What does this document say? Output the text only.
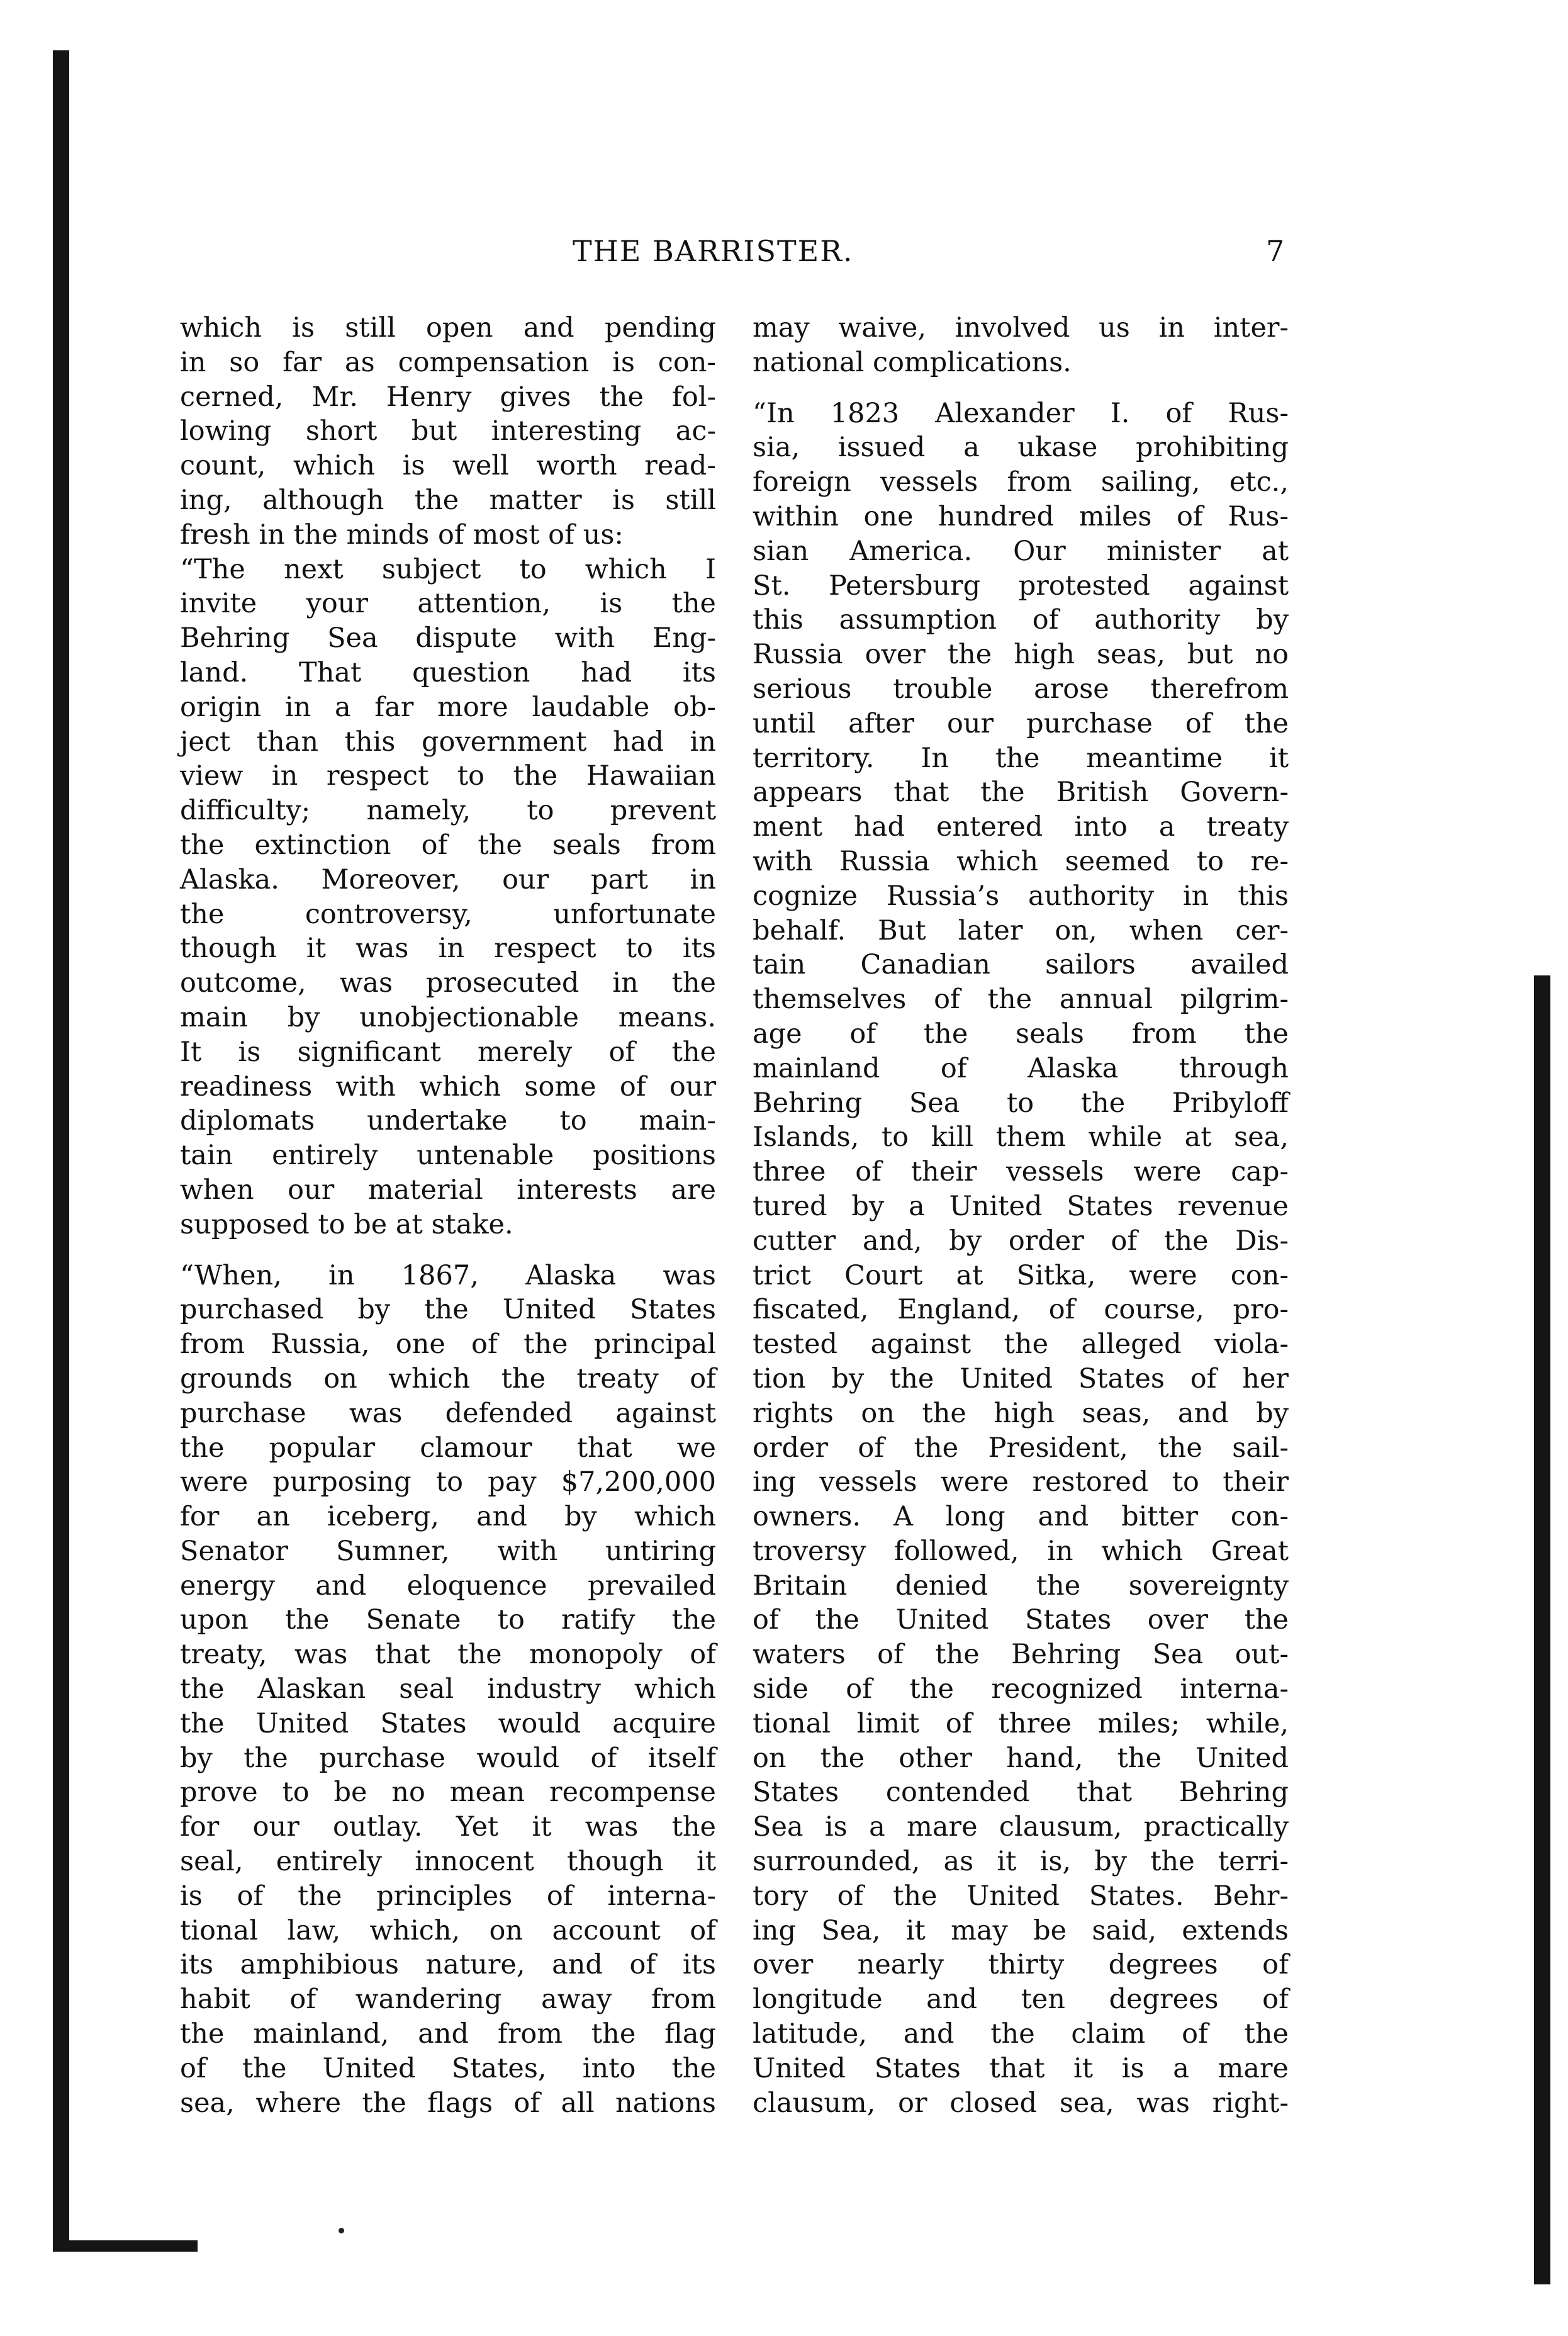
THE BARRISTER.	7
which is still open and pending
in so far as compensation is con-
cerned, Mr. Henry gives the fol-
lowing short but interesting ac-
count, which is well worth read-
ing, although the matter is still
fresh in the minds of most of us:
“The next subject to which I
invite your attention, is the
Behring Sea dispute with Eng-
land. That question had its
origin in a far more laudable ob-
ject than this government had in
view in respect to the Hawaiian
difficulty; namely, to prevent
the extinction of the seals from
Alaska. Moreover, our part in
the controversy, unfortunate
though it was in respect to its
outcome, was prosecuted in the
main by unobjectionable means.
It is significant merely of the
readiness with which some of our
diplomats undertake to main-
tain entirely untenable positions
when our material interests are
supposed to be at stake.
“When, in 1867, Alaska was
purchased by the United States
from Russia, one of the principal
grounds on which the treaty of
purchase was defended against
the popular clamour that we
were purposing to pay $7,200,000
for an iceberg, and by which
Senator Sumner, with untiring
energy and eloquence prevailed
upon the Senate to ratify the
treaty, was that the monopoly of
the Alaskan seal industry which
the United States would acquire
by the purchase would of itself
prove to be no mean recompense
for our outlay. Yet it was the
seal, entirely innocent though it
is of the principles of interna-
tional law, which, on account of
its amphibious nature, and of its
habit of wandering away from
the mainland, and from the flag
of the United States, into the
sea, where the flags of all nations
may waive, involved us in inter-
national complications.
“In 1823 Alexander I. of Rus-
sia, issued a ukase prohibiting
foreign vessels from sailing, etc.,
within one hundred miles of Rus-
sian America. Our minister at
St. Petersburg protested against
this assumption of authority by
Russia over the high seas, but no
serious trouble arose therefrom
until after our purchase of the
territory. In the meantime it
appears that the British Govern-
ment had entered into a treaty
with Russia which seemed to re-
cognize Russia’s authority in this
behalf. But later on, when cer-
tain Canadian sailors availed
themselves of the annual pilgrim-
age of the seals from the
mainland of Alaska through
Behring Sea to the Pribyloff
Islands, to kill them while at sea,
three of their vessels were cap-
tured by a United States revenue
cutter and, by order of the Dis-
trict Court at Sitka, were con-
fiscated, England, of course, pro-
tested against the alleged viola-
tion by the United States of her
rights on the high seas, and by
order of the President, the sail-
ing vessels were restored to their
owners. A long and bitter con-
troversy followed, in which Great
Britain denied the sovereignty
of the United States over the
waters of the Behring Sea out-
side of the recognized interna-
tional limit of three miles; while,
on the other hand, the United
States contended that Behring
Sea is a mare clausum, practically
surrounded, as it is, by the terri-
tory of the United States. Behr-
ing Sea, it may be said, extends
over nearly thirty degrees of
longitude and ten degrees of
latitude, and the claim of the
United States that it is a mare
clausum, or closed sea, was right-
